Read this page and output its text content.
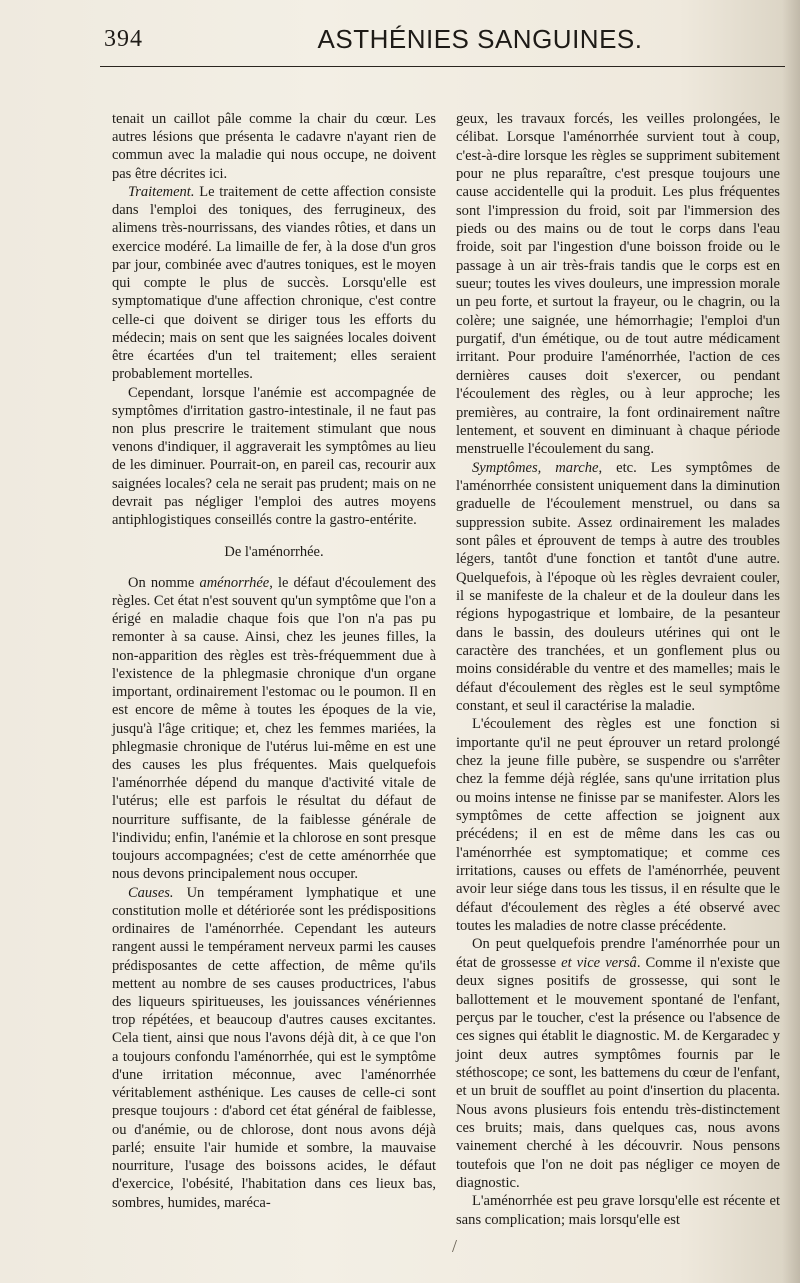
394	ASTHÉNIES SANGUINES.

tenait un caillot pâle comme la chair du cœur. Les autres lésions que présenta le cadavre n'ayant rien de commun avec la maladie qui nous occupe, ne doivent pas être décrites ici.

Traitement. Le traitement de cette affection consiste dans l'emploi des toniques, des ferrugineux, des alimens très-nourrissans, des viandes rôties, et dans un exercice modéré. La limaille de fer, à la dose d'un gros par jour, combinée avec d'autres toniques, est le moyen qui compte le plus de succès. Lorsqu'elle est symptomatique d'une affection chronique, c'est contre celle-ci que doivent se diriger tous les efforts du médecin; mais on sent que les saignées locales doivent être écartées d'un tel traitement; elles seraient probablement mortelles.

Cependant, lorsque l'anémie est accompagnée de symptômes d'irritation gastro-intestinale, il ne faut pas non plus prescrire le traitement stimulant que nous venons d'indiquer, il aggraverait les symptômes au lieu de les diminuer. Pourrait-on, en pareil cas, recourir aux saignées locales? cela ne serait pas prudent; mais on ne devrait pas négliger l'emploi des autres moyens antiphlogistiques conseillés contre la gastro-entérite.

De l'aménorrhée.

On nomme aménorrhée, le défaut d'écoulement des règles. Cet état n'est souvent qu'un symptôme que l'on a érigé en maladie chaque fois que l'on n'a pas pu remonter à sa cause. Ainsi, chez les jeunes filles, la non-apparition des règles est très-fréquemment due à l'existence de la phlegmasie chronique d'un organe important, ordinairement l'estomac ou le poumon. Il en est encore de même à toutes les époques de la vie, jusqu'à l'âge critique; et, chez les femmes mariées, la phlegmasie chronique de l'utérus lui-même en est une des causes les plus fréquentes. Mais quelquefois l'aménorrhée dépend du manque d'activité vitale de l'utérus; elle est parfois le résultat du défaut de nourriture suffisante, de la faiblesse générale de l'individu; enfin, l'anémie et la chlorose en sont presque toujours accompagnées; c'est de cette aménorrhée que nous devons principalement nous occuper.

Causes. Un tempérament lymphatique et une constitution molle et détériorée sont les prédispositions ordinaires de l'aménorrhée. Cependant les auteurs rangent aussi le tempérament nerveux parmi les causes prédisposantes de cette affection, de même qu'ils mettent au nombre de ses causes productrices, l'abus des liqueurs spiritueuses, les jouissances vénériennes trop répétées, et beaucoup d'autres causes excitantes. Cela tient, ainsi que nous l'avons déjà dit, à ce que l'on a toujours confondu l'aménorrhée, qui est le symptôme d'une irritation méconnue, avec l'aménorrhée véritablement asthénique. Les causes de celle-ci sont presque toujours : d'abord cet état général de faiblesse, ou d'anémie, ou de chlorose, dont nous avons déjà parlé; ensuite l'air humide et sombre, la mauvaise nourriture, l'usage des boissons acides, le défaut d'exercice, l'obésité, l'habitation dans ces lieux bas, sombres, humides, maréca-

geux, les travaux forcés, les veilles prolongées, le célibat. Lorsque l'aménorrhée survient tout à coup, c'est-à-dire lorsque les règles se suppriment subitement pour ne plus reparaître, c'est presque toujours une cause accidentelle qui la produit. Les plus fréquentes sont l'impression du froid, soit par l'immersion des pieds ou des mains ou de tout le corps dans l'eau froide, soit par l'ingestion d'une boisson froide ou le passage à un air très-frais tandis que le corps est en sueur; toutes les vives douleurs, une impression morale un peu forte, et surtout la frayeur, ou le chagrin, ou la colère; une saignée, une hémorrhagie; l'emploi d'un purgatif, d'un émétique, ou de tout autre médicament irritant. Pour produire l'aménorrhée, l'action de ces dernières causes doit s'exercer, ou pendant l'écoulement des règles, ou à leur approche; les premières, au contraire, la font ordinairement naître lentement, et souvent en diminuant à chaque période menstruelle l'écoulement du sang.

Symptômes, marche, etc. Les symptômes de l'aménorrhée consistent uniquement dans la diminution graduelle de l'écoulement menstruel, ou dans sa suppression subite. Assez ordinairement les malades sont pâles et éprouvent de temps à autre des troubles légers, tantôt d'une fonction et tantôt d'une autre. Quelquefois, à l'époque où les règles devraient couler, il se manifeste de la chaleur et de la douleur dans les régions hypogastrique et lombaire, de la pesanteur dans le bassin, des douleurs utérines qui ont le caractère des tranchées, et un gonflement plus ou moins considérable du ventre et des mamelles; mais le défaut d'écoulement des règles est le seul symptôme constant, et seul il caractérise la maladie.

L'écoulement des règles est une fonction si importante qu'il ne peut éprouver un retard prolongé chez la jeune fille pubère, se suspendre ou s'arrêter chez la femme déjà réglée, sans qu'une irritation plus ou moins intense ne finisse par se manifester. Alors les symptômes de cette affection se joignent aux précédens; il en est de même dans les cas ou l'aménorrhée est symptomatique; et comme ces irritations, causes ou effets de l'aménorrhée, peuvent avoir leur siége dans tous les tissus, il en résulte que le défaut d'écoulement des règles a été observé avec toutes les maladies de notre classe précédente.

On peut quelquefois prendre l'aménorrhée pour un état de grossesse et vice versâ. Comme il n'existe que deux signes positifs de grossesse, qui sont le ballottement et le mouvement spontané de l'enfant, perçus par le toucher, c'est la présence ou l'absence de ces signes qui établit le diagnostic. M. de Kergaradec y joint deux autres symptômes fournis par le stéthoscope; ce sont, les battemens du cœur de l'enfant, et un bruit de soufflet au point d'insertion du placenta. Nous avons plusieurs fois entendu très-distinctement ces bruits; mais, dans quelques cas, nous avons vainement cherché à les découvrir. Nous pensons toutefois que l'on ne doit pas négliger ce moyen de diagnostic.

L'aménorrhée est peu grave lorsqu'elle est récente et sans complication; mais lorsqu'elle est

/
